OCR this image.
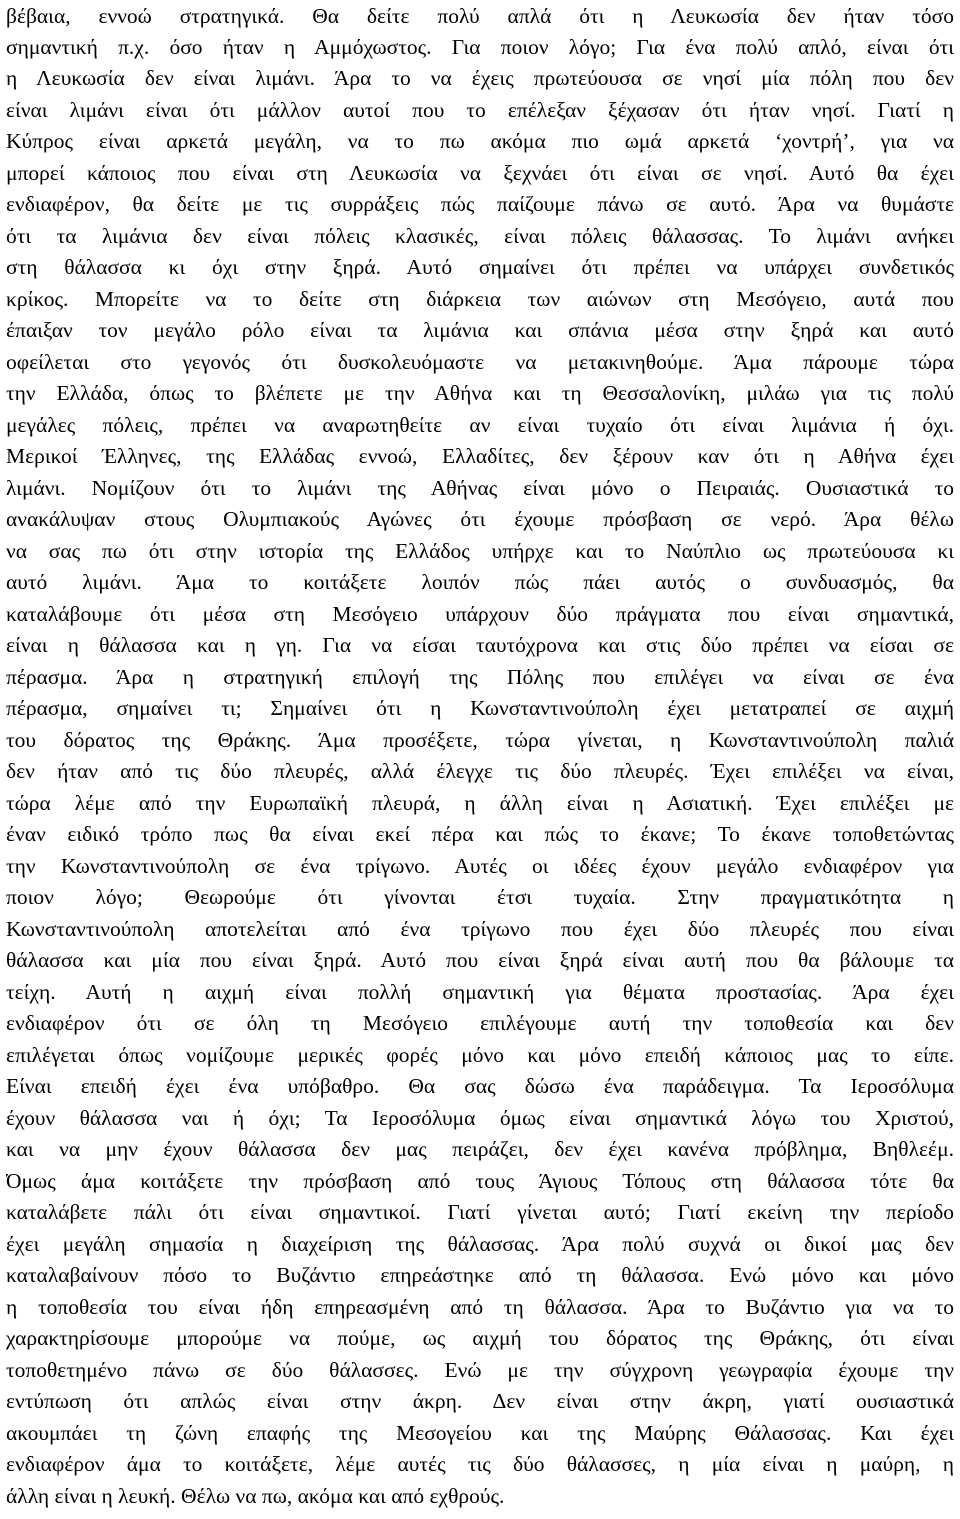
βέβαια, εννοώ στρατηγικά. Θα δείτε πολύ απλά ότι η Λευκωσία δεν ήταν τόσο
σημαντική π.χ. όσο ήταν η Αμμόχωστος. Για ποιον λόγο; Για ένα πολύ απλό, είναι ότι
η Λευκωσία δεν είναι λιμάνι. Άρα το να έχεις πρωτεύουσα σε νησί μία πόλη που δεν
είναι λιμάνι είναι ότι μάλλον αυτοί που το επέλεξαν ξέχασαν ότι ήταν νησί. Γιατί η
Κύπρος είναι αρκετά μεγάλη, να το πω ακόμα πιο ωμά αρκετά ‘χοντρή’, για να
μπορεί κάποιος που είναι στη Λευκωσία να ξεχνάει ότι είναι σε νησί. Αυτό θα έχει
ενδιαφέρον, θα δείτε με τις συρράξεις πώς παίζουμε πάνω σε αυτό. Άρα να θυμάστε
ότι τα λιμάνια δεν είναι πόλεις κλασικές, είναι πόλεις θάλασσας. Το λιμάνι ανήκει
στη θάλασσα κι όχι στην ξηρά. Αυτό σημαίνει ότι πρέπει να υπάρχει συνδετικός
κρίκος. Μπορείτε να το δείτε στη διάρκεια των αιώνων στη Μεσόγειο, αυτά που
έπαιξαν τον μεγάλο ρόλο είναι τα λιμάνια και σπάνια μέσα στην ξηρά και αυτό
οφείλεται στο γεγονός ότι δυσκολευόμαστε να μετακινηθούμε. Άμα πάρουμε τώρα
την Ελλάδα, όπως το βλέπετε με την Αθήνα και τη Θεσσαλονίκη, μιλάω για τις πολύ
μεγάλες πόλεις, πρέπει να αναρωτηθείτε αν είναι τυχαίο ότι είναι λιμάνια ή όχι.
Μερικοί Έλληνες, της Ελλάδας εννοώ, Ελλαδίτες, δεν ξέρουν καν ότι η Αθήνα έχει
λιμάνι. Νομίζουν ότι το λιμάνι της Αθήνας είναι μόνο ο Πειραιάς. Ουσιαστικά το
ανακάλυψαν στους Ολυμπιακούς Αγώνες ότι έχουμε πρόσβαση σε νερό. Άρα θέλω
να σας πω ότι στην ιστορία της Ελλάδος υπήρχε και το Ναύπλιο ως πρωτεύουσα κι
αυτό λιμάνι. Άμα το κοιτάξετε λοιπόν πώς πάει αυτός ο συνδυασμός, θα
καταλάβουμε ότι μέσα στη Μεσόγειο υπάρχουν δύο πράγματα που είναι σημαντικά,
είναι η θάλασσα και η γη. Για να είσαι ταυτόχρονα και στις δύο πρέπει να είσαι σε
πέρασμα. Άρα η στρατηγική επιλογή της Πόλης που επιλέγει να είναι σε ένα
πέρασμα, σημαίνει τι; Σημαίνει ότι η Κωνσταντινούπολη έχει μετατραπεί σε αιχμή
του δόρατος της Θράκης. Άμα προσέξετε, τώρα γίνεται, η Κωνσταντινούπολη παλιά
δεν ήταν από τις δύο πλευρές, αλλά έλεγχε τις δύο πλευρές. Έχει επιλέξει να είναι,
τώρα λέμε από την Ευρωπαϊκή πλευρά, η άλλη είναι η Ασιατική. Έχει επιλέξει με
έναν ειδικό τρόπο πως θα είναι εκεί πέρα και πώς το έκανε; Το έκανε τοποθετώντας
την Κωνσταντινούπολη σε ένα τρίγωνο. Αυτές οι ιδέες έχουν μεγάλο ενδιαφέρον για
ποιον λόγο; Θεωρούμε ότι γίνονται έτσι τυχαία. Στην πραγματικότητα η
Κωνσταντινούπολη αποτελείται από ένα τρίγωνο που έχει δύο πλευρές που είναι
θάλασσα και μία που είναι ξηρά. Αυτό που είναι ξηρά είναι αυτή που θα βάλουμε τα
τείχη. Αυτή η αιχμή είναι πολλή σημαντική για θέματα προστασίας. Άρα έχει
ενδιαφέρον ότι σε όλη τη Μεσόγειο επιλέγουμε αυτή την τοποθεσία και δεν
επιλέγεται όπως νομίζουμε μερικές φορές μόνο και μόνο επειδή κάποιος μας το είπε.
Είναι επειδή έχει ένα υπόβαθρο. Θα σας δώσω ένα παράδειγμα. Τα Ιεροσόλυμα
έχουν θάλασσα ναι ή όχι; Τα Ιεροσόλυμα όμως είναι σημαντικά λόγω του Χριστού,
και να μην έχουν θάλασσα δεν μας πειράζει, δεν έχει κανένα πρόβλημα, Βηθλεέμ.
Όμως άμα κοιτάξετε την πρόσβαση από τους Άγιους Τόπους στη θάλασσα τότε θα
καταλάβετε πάλι ότι είναι σημαντικοί. Γιατί γίνεται αυτό; Γιατί εκείνη την περίοδο
έχει μεγάλη σημασία η διαχείριση της θάλασσας. Άρα πολύ συχνά οι δικοί μας δεν
καταλαβαίνουν πόσο το Βυζάντιο επηρεάστηκε από τη θάλασσα. Ενώ μόνο και μόνο
η τοποθεσία του είναι ήδη επηρεασμένη από τη θάλασσα. Άρα το Βυζάντιο για να το
χαρακτηρίσουμε μπορούμε να πούμε, ως αιχμή του δόρατος της Θράκης, ότι είναι
τοποθετημένο πάνω σε δύο θάλασσες. Ενώ με την σύγχρονη γεωγραφία έχουμε την
εντύπωση ότι απλώς είναι στην άκρη. Δεν είναι στην άκρη, γιατί ουσιαστικά
ακουμπάει τη ζώνη επαφής της Μεσογείου και της Μαύρης Θάλασσας. Και έχει
ενδιαφέρον άμα το κοιτάξετε, λέμε αυτές τις δύο θάλασσες, η μία είναι η μαύρη, η
άλλη είναι η λευκή. Θέλω να πω, ακόμα και από εχθρούς.
